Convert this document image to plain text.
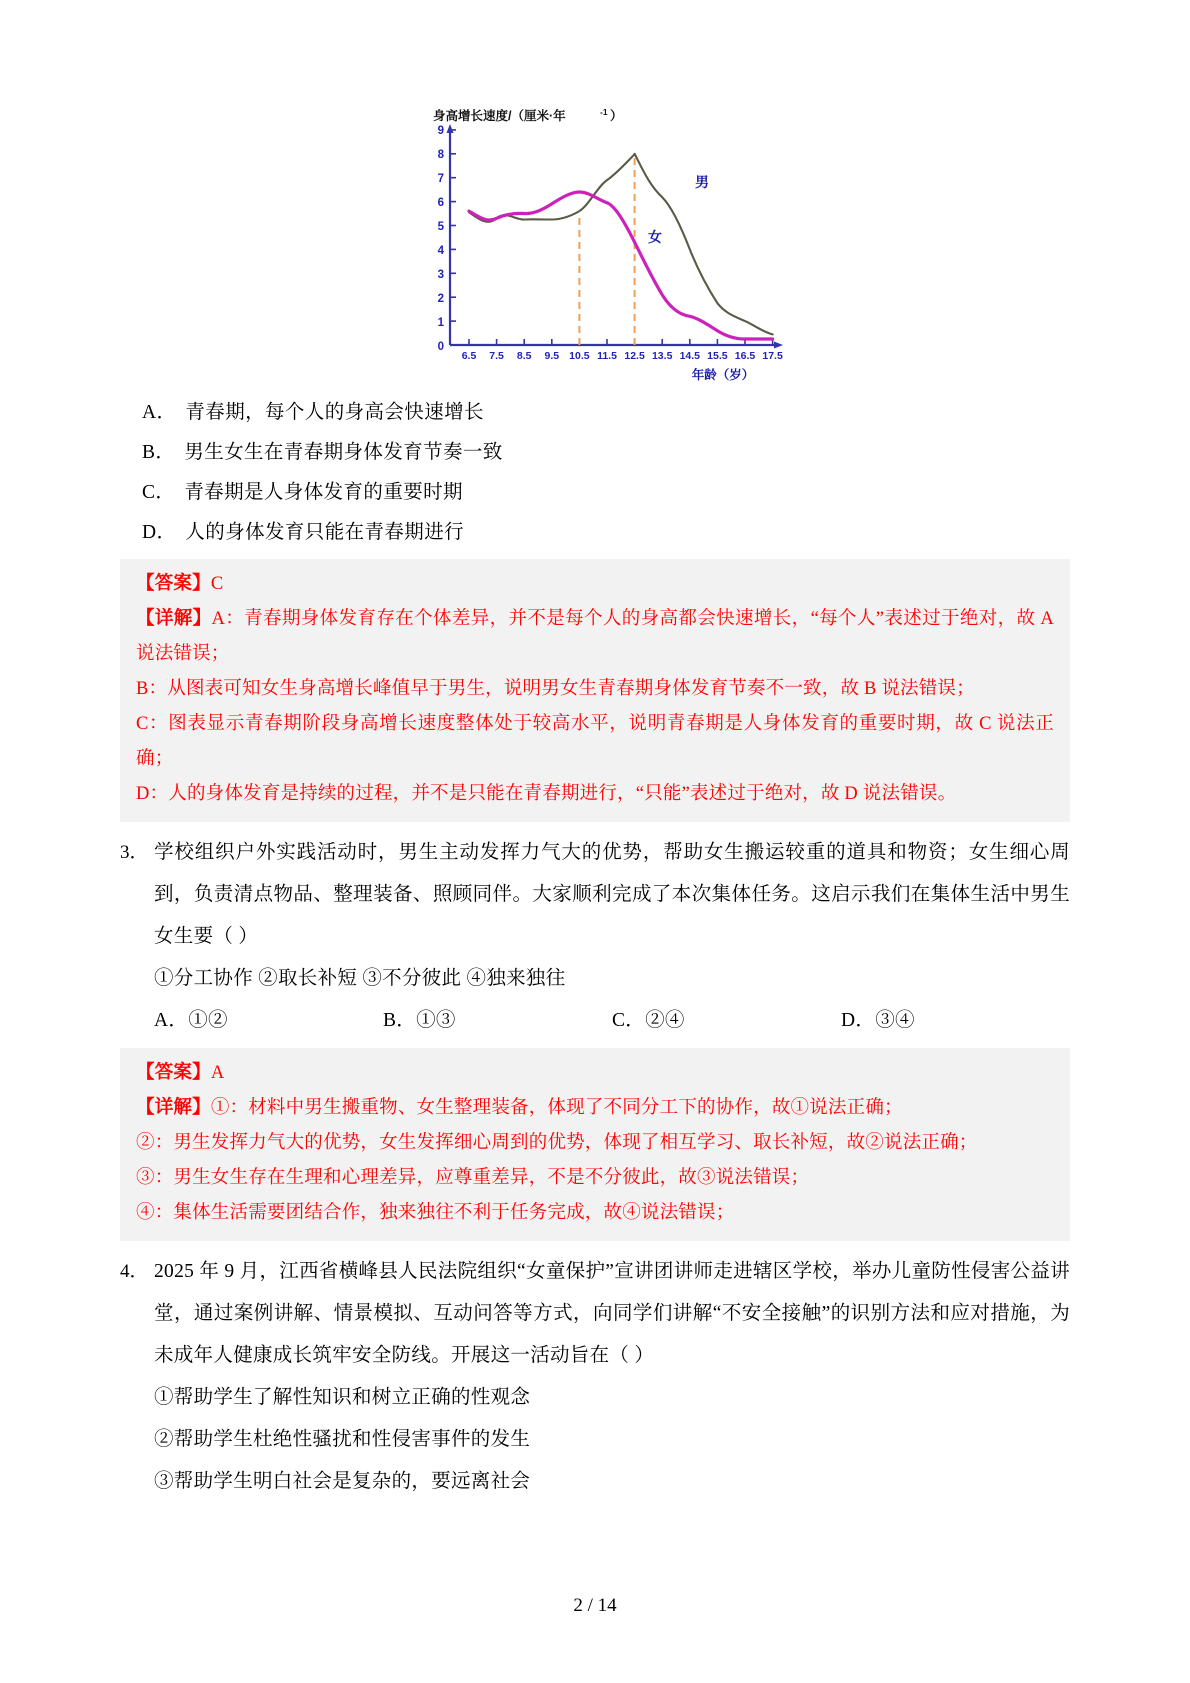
身高增长速度/（厘米·年	-1 ）
0
1
2
3
4
5
6
7
8
9
6.5 7.5 8.5 9.5 10.5 11.5 12.5 13.5 14.5 15.5 16.5 17.5
男
女
年龄（岁）
A． 青春期，每个人的身高会快速增长
B． 男生女生在青春期身体发育节奏一致
C． 青春期是人身体发育的重要时期
D． 人的身体发育只能在青春期进行

【答案】C

【详解】A：青春期身体发育存在个体差异，并不是每个人的身高都会快速增长，“每个人”表述过于绝对，故 A 说法错误；

B：从图表可知女生身高增长峰值早于男生，说明男女生青春期身体发育节奏不一致，故 B 说法错误；

C：图表显示青春期阶段身高增长速度整体处于较高水平，说明青春期是人身体发育的重要时期，故 C 说法正确；

D：人的身体发育是持续的过程，并不是只能在青春期进行，“只能”表述过于绝对，故 D 说法错误。

3． 学校组织户外实践活动时，男生主动发挥力气大的优势，帮助女生搬运较重的道具和物资；女生细心周到，负责清点物品、整理装备、照顾同伴。大家顺利完成了本次集体任务。这启示我们在集体生活中男生女生要（ ）
①分工协作 ②取长补短 ③不分彼此 ④独来独往
A．①②	B．①③	C．②④	D．③④

【答案】A

【详解】①：材料中男生搬重物、女生整理装备，体现了不同分工下的协作，故①说法正确；

②：男生发挥力气大的优势，女生发挥细心周到的优势，体现了相互学习、取长补短，故②说法正确；

③：男生女生存在生理和心理差异，应尊重差异，不是不分彼此，故③说法错误；

④：集体生活需要团结合作，独来独往不利于任务完成，故④说法错误；

4． 2025 年 9 月，江西省横峰县人民法院组织“女童保护”宣讲团讲师走进辖区学校，举办儿童防性侵害公益讲堂，通过案例讲解、情景模拟、互动问答等方式，向同学们讲解“不安全接触”的识别方法和应对措施，为未成年人健康成长筑牢安全防线。开展这一活动旨在（ ）
①帮助学生了解性知识和树立正确的性观念
②帮助学生杜绝性骚扰和性侵害事件的发生
③帮助学生明白社会是复杂的，要远离社会
2 / 14
